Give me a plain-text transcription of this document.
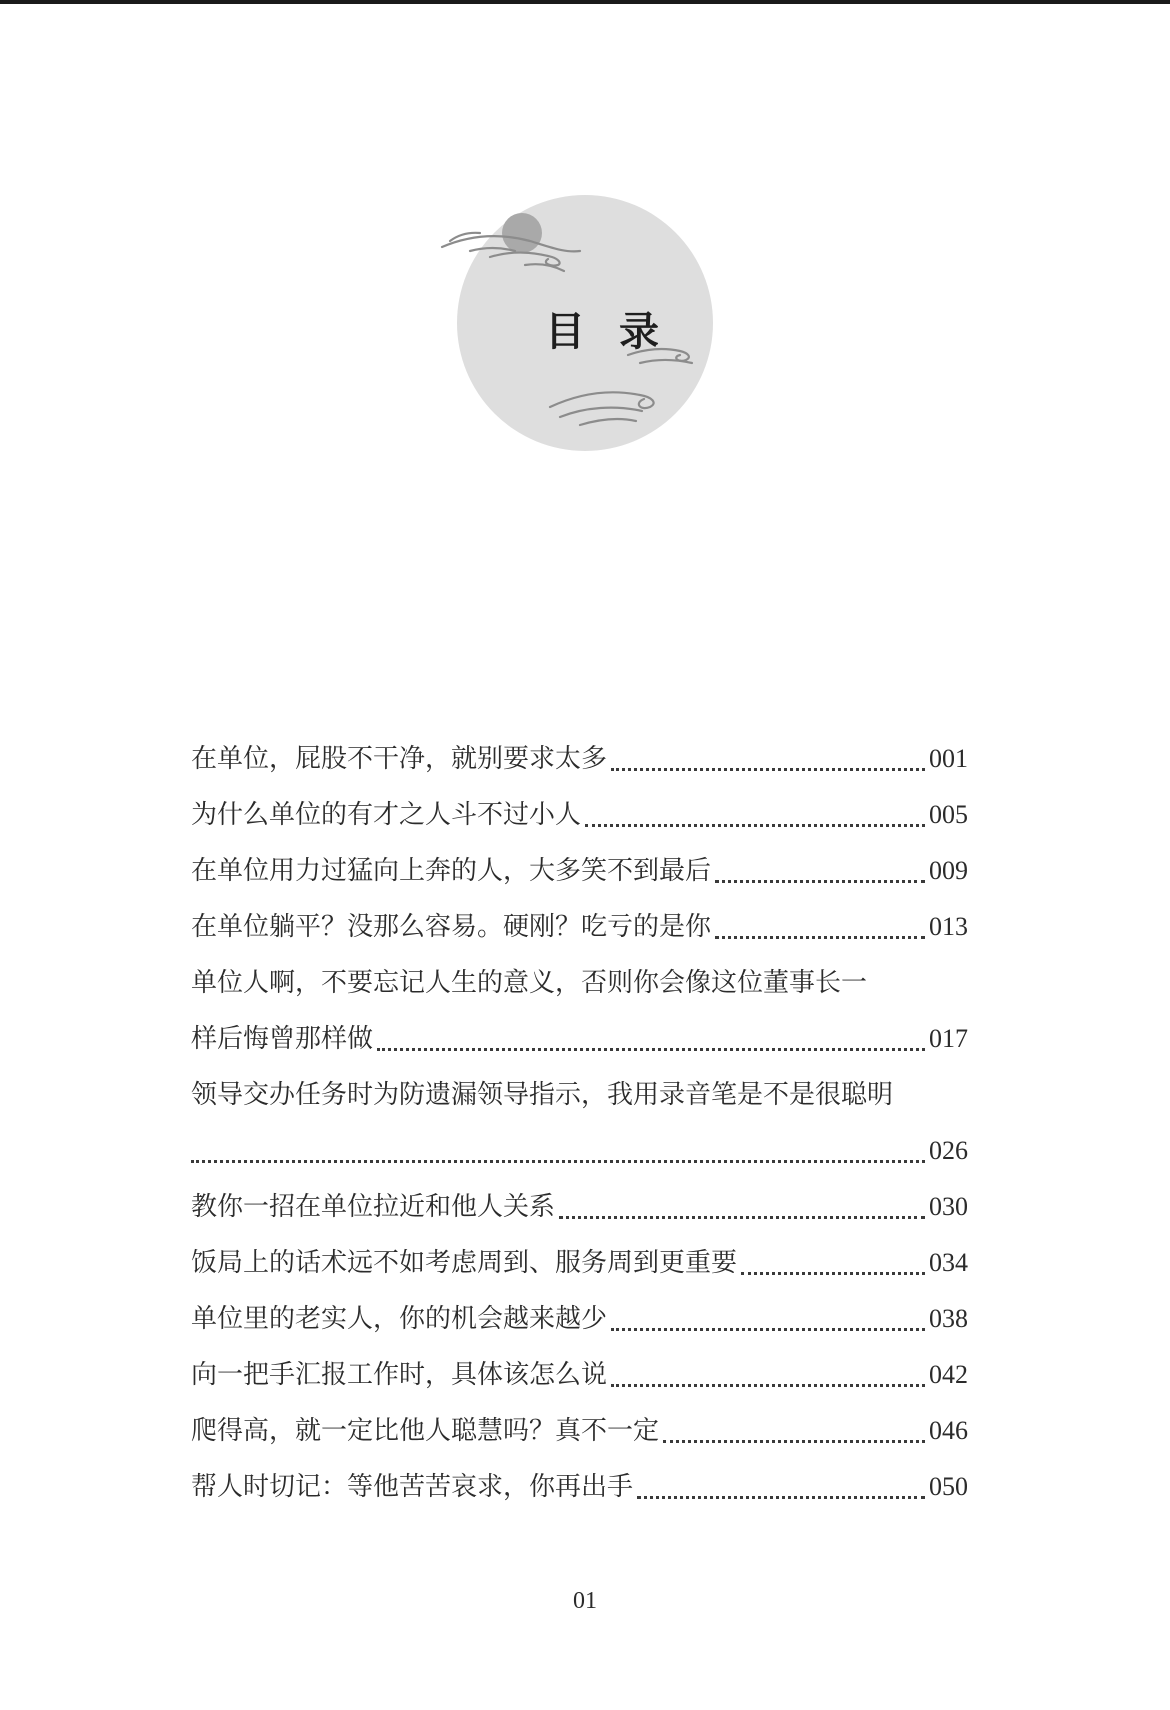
目录
在单位，屁股不干净，就别要求太多	001
为什么单位的有才之人斗不过小人	005
在单位用力过猛向上奔的人，大多笑不到最后	009
在单位躺平？没那么容易。硬刚？吃亏的是你	013
单位人啊，不要忘记人生的意义，否则你会像这位董事长一
样后悔曾那样做	017
领导交办任务时为防遗漏领导指示，我用录音笔是不是很聪明
026
教你一招在单位拉近和他人关系	030
饭局上的话术远不如考虑周到、服务周到更重要	034
单位里的老实人，你的机会越来越少	038
向一把手汇报工作时，具体该怎么说	042
爬得高，就一定比他人聪慧吗？真不一定	046
帮人时切记：等他苦苦哀求，你再出手	050
01
